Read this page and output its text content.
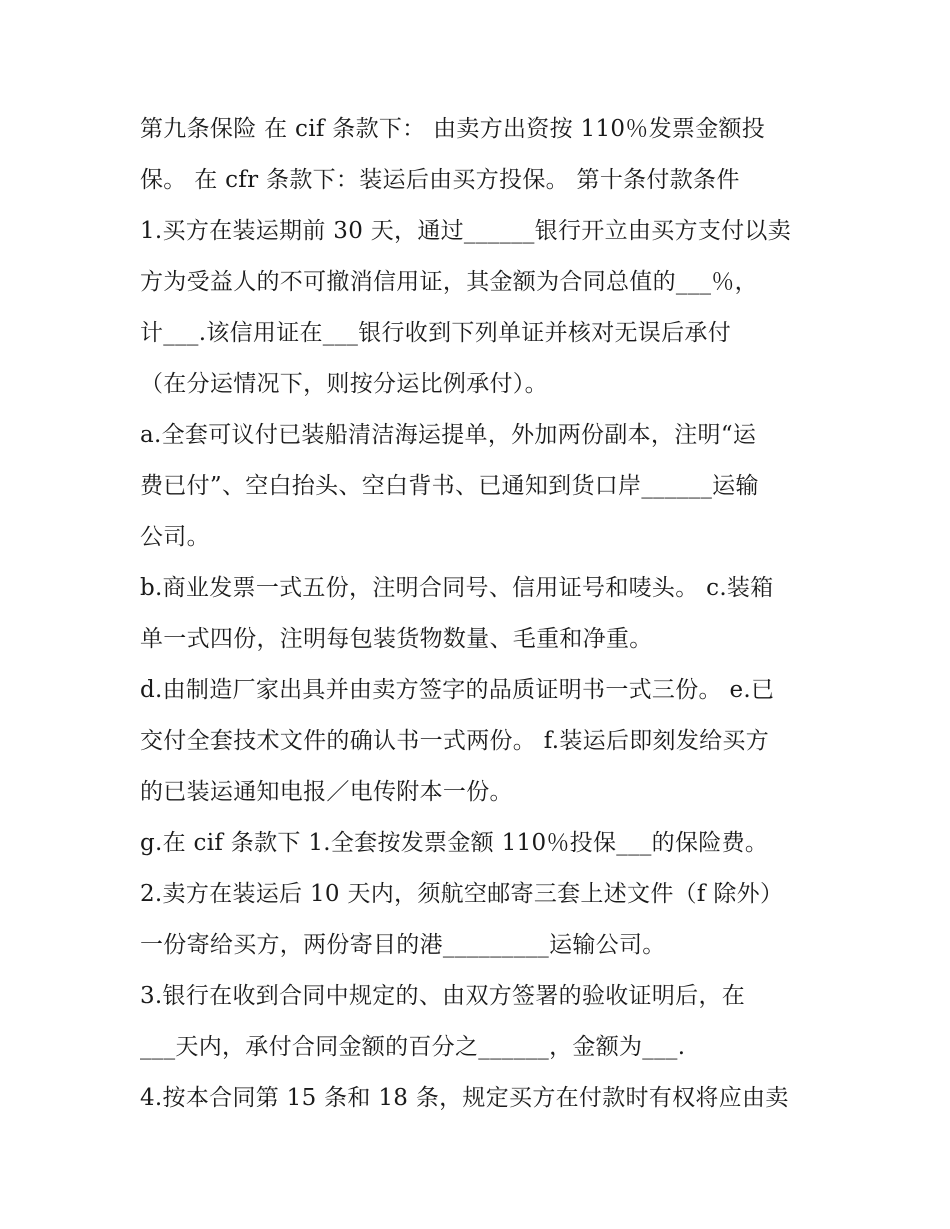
第九条保险 在 cif 条款下： 由卖方出资按 110％发票金额投
保。 在 cfr 条款下：装运后由买方投保。 第十条付款条件
1.买方在装运期前 30 天，通过______银行开立由买方支付以卖
方为受益人的不可撤消信用证，其金额为合同总值的___％，
计___.该信用证在___银行收到下列单证并核对无误后承付
（在分运情况下，则按分运比例承付）。
a.全套可议付已装船清洁海运提单，外加两份副本，注明“运
费已付”、空白抬头、空白背书、已通知到货口岸______运输
公司。
b.商业发票一式五份，注明合同号、信用证号和唛头。 c.装箱
单一式四份，注明每包装货物数量、毛重和净重。
d.由制造厂家出具并由卖方签字的品质证明书一式三份。 e.已
交付全套技术文件的确认书一式两份。 f.装运后即刻发给买方
的已装运通知电报／电传附本一份。
g.在 cif 条款下 1.全套按发票金额 110％投保___的保险费。
2.卖方在装运后 10 天内，须航空邮寄三套上述文件（f 除外）
一份寄给买方，两份寄目的港_________运输公司。
3.银行在收到合同中规定的、由双方签署的验收证明后，在
___天内，承付合同金额的百分之______，金额为___.
4.按本合同第 15 条和 18 条，规定买方在付款时有权将应由卖
